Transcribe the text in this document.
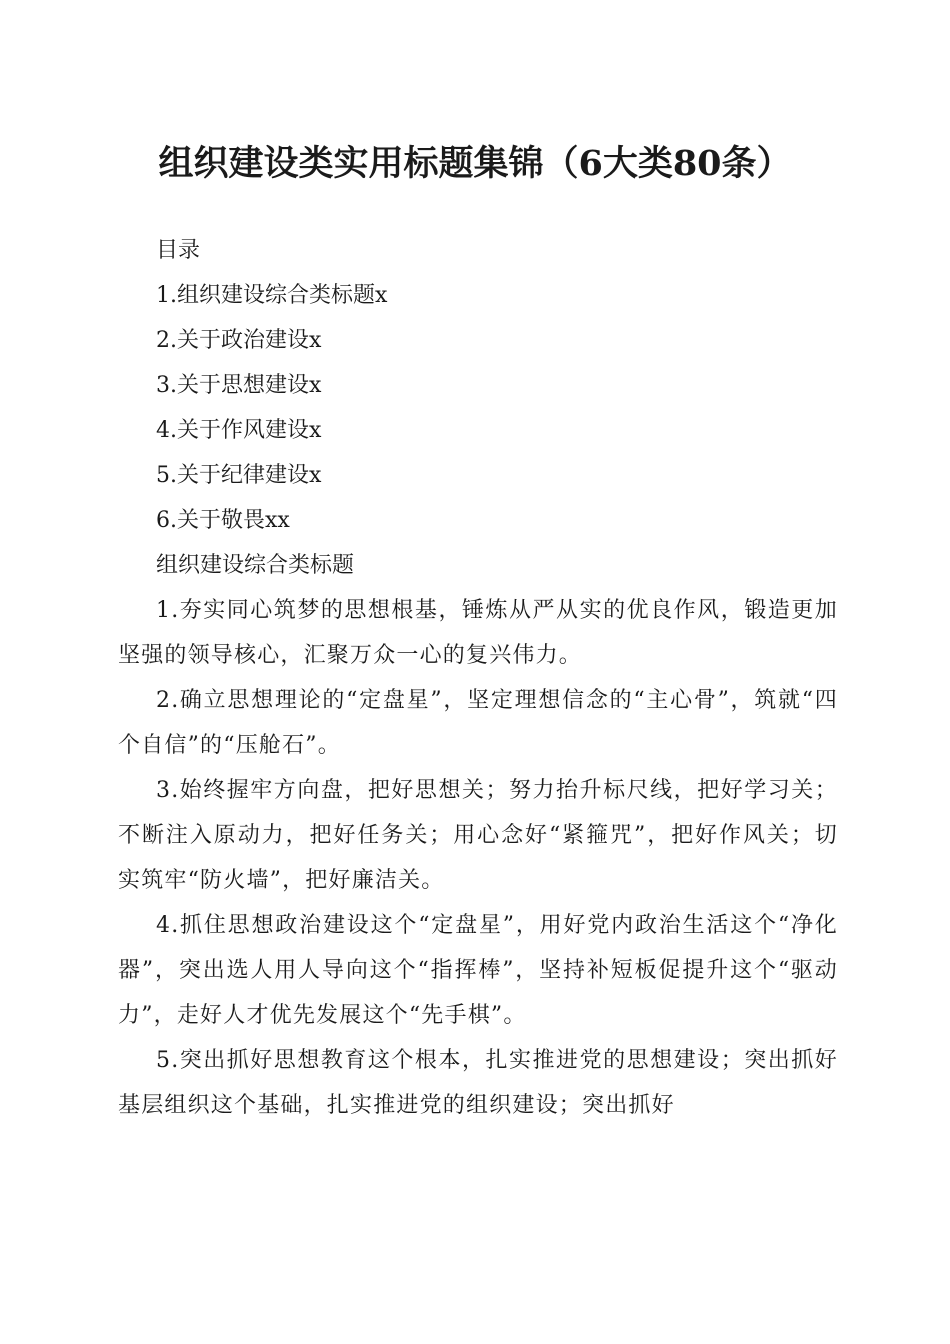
组织建设类实用标题集锦（6大类80条）
目录
1.组织建设综合类标题x
2.关于政治建设x
3.关于思想建设x
4.关于作风建设x
5.关于纪律建设x
6.关于敬畏xx
组织建设综合类标题

1.夯实同心筑梦的思想根基，锤炼从严从实的优良作风，锻造更加坚强的领导核心，汇聚万众一心的复兴伟力。

2.确立思想理论的“定盘星”，坚定理想信念的“主心骨”，筑就“四个自信”的“压舱石”。

3.始终握牢方向盘，把好思想关；努力抬升标尺线，把好学习关；不断注入原动力，把好任务关；用心念好“紧箍咒”，把好作风关；切实筑牢“防火墙”，把好廉洁关。

4.抓住思想政治建设这个“定盘星”，用好党内政治生活这个“净化器”，突出选人用人导向这个“指挥棒”，坚持补短板促提升这个“驱动力”，走好人才优先发展这个“先手棋”。

5.突出抓好思想教育这个根本，扎实推进党的思想建设；突出抓好基层组织这个基础，扎实推进党的组织建设；突出抓好
